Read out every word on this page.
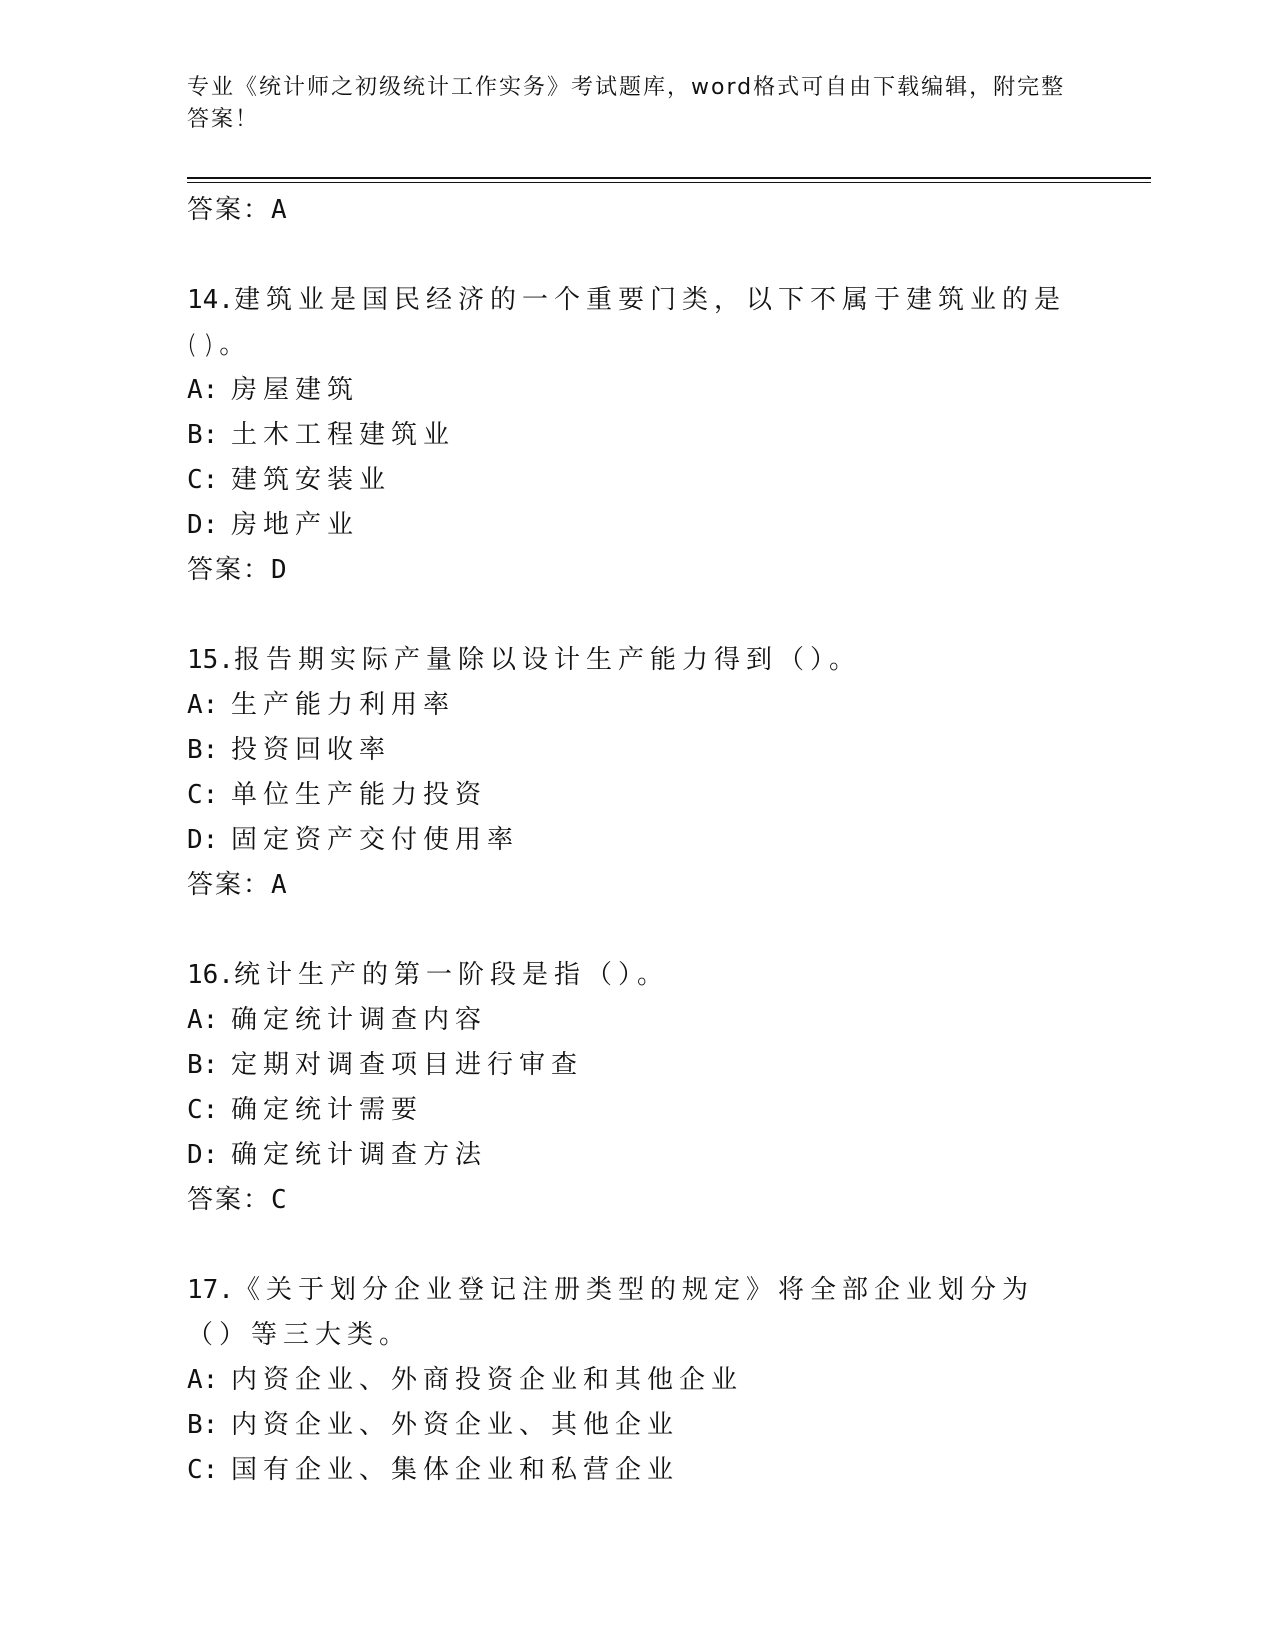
专业《统计师之初级统计工作实务》考试题库，word格式可自由下载编辑，附完整答案！
答案：A
14.建筑业是国民经济的一个重要门类，以下不属于建筑业的是()。
A: 房屋建筑
B: 土木工程建筑业
C: 建筑安装业
D: 房地产业
答案：D
15.报告期实际产量除以设计生产能力得到（）。
A: 生产能力利用率
B: 投资回收率
C: 单位生产能力投资
D: 固定资产交付使用率
答案：A
16.统计生产的第一阶段是指（）。
A: 确定统计调查内容
B: 定期对调查项目进行审查
C: 确定统计需要
D: 确定统计调查方法
答案：C
17.《关于划分企业登记注册类型的规定》将全部企业划分为（）等三大类。
A: 内资企业、外商投资企业和其他企业
B: 内资企业、外资企业、其他企业
C: 国有企业、集体企业和私营企业
